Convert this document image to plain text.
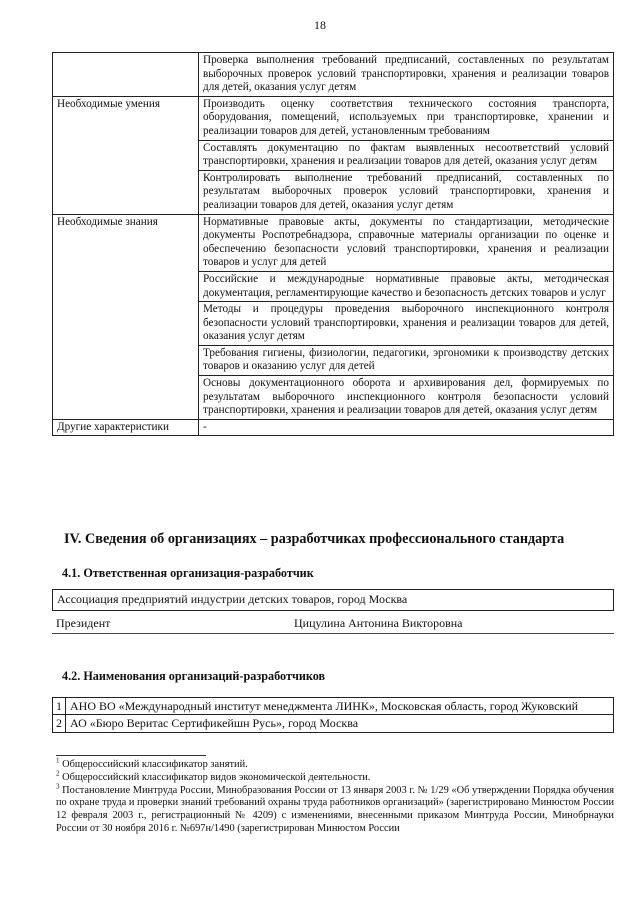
18
	Проверка выполнения требований предписаний, составленных по результатам выборочных проверок условий транспортировки, хранения и реализации товаров для детей, оказания услуг детям
Необходимые умения	Производить оценку соответствия технического состояния транспорта, оборудования, помещений, используемых при транспортировке, хранении и реализации товаров для детей, установленным требованиям
	Составлять документацию по фактам выявленных несоответствий условий транспортировки, хранения и реализации товаров для детей, оказания услуг детям
	Контролировать выполнение требований предписаний, составленных по результатам выборочных проверок условий транспортировки, хранения и реализации товаров для детей, оказания услуг детям
Необходимые знания	Нормативные правовые акты, документы по стандартизации, методические документы Роспотребнадзора, справочные материалы организации по оценке и обеспечению безопасности условий транспортировки, хранения и реализации товаров и услуг для детей
	Российские и международные нормативные правовые акты, методическая документация, регламентирующие качество и безопасность детских товаров и услуг
	Методы и процедуры проведения выборочного инспекционного контроля безопасности условий транспортировки, хранения и реализации товаров для детей, оказания услуг детям
	Требования гигиены, физиологии, педагогики, эргономики к производству детских товаров и оказанию услуг для детей
	Основы документационного оборота и архивирования дел, формируемых по результатам выборочного инспекционного контроля безопасности условий транспортировки, хранения и реализации товаров для детей, оказания услуг детям
Другие характеристики	-
IV. Сведения об организациях – разработчиках профессионального стандарта
4.1. Ответственная организация-разработчик
Ассоциация предприятий индустрии детских товаров, город Москва
Президент	Цицулина Антонина Викторовна
4.2. Наименования организаций-разработчиков
1	АНО ВО «Международный институт менеджмента ЛИНК», Московская область, город Жуковский
2	АО «Бюро Веритас Сертификейшн Русь», город Москва

$^1$ Общероссийский классификатор занятий.

$^2$ Общероссийский классификатор видов экономической деятельности.

$^3$ Постановление Минтруда России, Минобразования России от 13 января 2003 г. № 1/29 «Об утверждении Порядка обучения по охране труда и проверки знаний требований охраны труда работников организаций» (зарегистрировано Минюстом России 12 февраля 2003 г., регистрационный № 4209) с изменениями, внесенными приказом Минтруда России, Минобрнауки России от 30 ноября 2016 г. №697н/1490 (зарегистрирован Минюстом России
